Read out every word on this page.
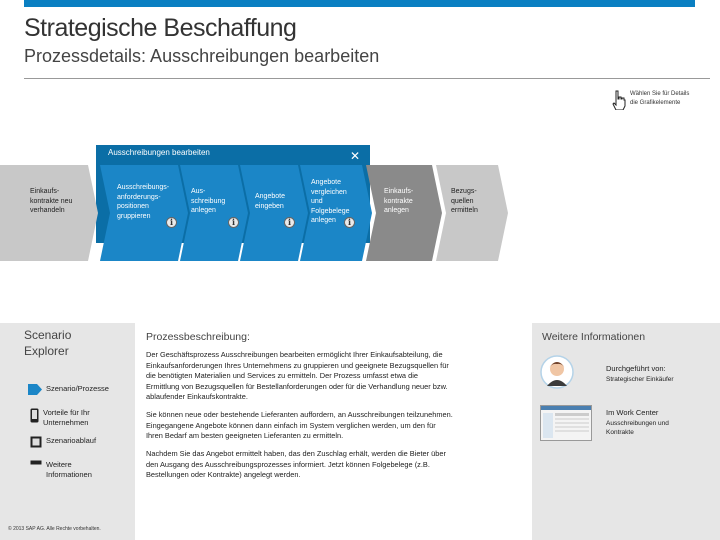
Strategische Beschaffung
Prozessdetails: Ausschreibungen bearbeiten
Wählen Sie für Details
die Grafikelemente
Ausschreibungen bearbeiten	✕
Einkaufs-
kontrakte neu
verhandeln
Ausschreibungs-
anforderungs-
positionen
gruppieren
Aus-
schreibung
anlegen
Angebote
eingeben
Angebote
vergleichen
und
Folgebelege
anlegen
Einkaufs-
kontrakte
anlegen
Bezugs-
quellen
ermitteln
i	i	i	i
Scenario
Explorer
Szenario/Prozesse
Vorteile für Ihr
Unternehmen
Szenarioablauf
Weitere
Informationen
© 2013 SAP AG. Alle Rechte vorbehalten.
Prozessbeschreibung:
Der Geschäftsprozess Ausschreibungen bearbeiten ermöglicht Ihrer Einkaufsabteilung, die
Einkaufsanforderungen Ihres Unternehmens zu gruppieren und geeignete Bezugsquellen für
die benötigten Materialien und Services zu ermitteln. Der Prozess umfasst etwa die
Ermittlung von Bezugsquellen für Bestellanforderungen oder für die Verhandlung neuer bzw.
ablaufender Einkaufskontrakte.
Sie können neue oder bestehende Lieferanten auffordern, an Ausschreibungen teilzunehmen.
Eingegangene Angebote können dann einfach im System verglichen werden, um den für
Ihren Bedarf am besten geeigneten Lieferanten zu ermitteln.
Nachdem Sie das Angebot ermittelt haben, das den Zuschlag erhält, werden die Bieter über
den Ausgang des Ausschreibungsprozesses informiert. Jetzt können Folgebelege (z.B.
Bestellungen oder Kontrakte) angelegt werden.
Weitere Informationen
Durchgeführt von:
Strategischer Einkäufer
Im Work Center
Ausschreibungen und
Kontrakte
